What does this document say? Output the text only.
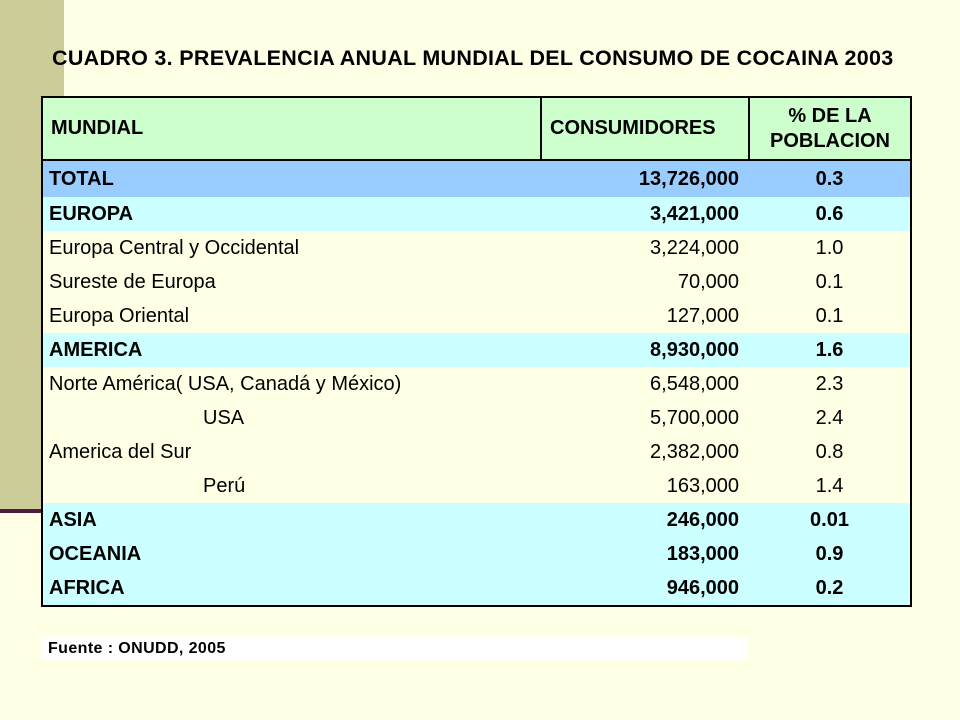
CUADRO 3. PREVALENCIA ANUAL MUNDIAL DEL CONSUMO DE COCAINA 2003
MUNDIAL	CONSUMIDORES	% DE LA
POBLACION
TOTAL	13,726,000	0.3
EUROPA	3,421,000	0.6
Europa Central y Occidental	3,224,000	1.0
Sureste de Europa	70,000	0.1
Europa Oriental	127,000	0.1
AMERICA	8,930,000	1.6
Norte América( USA, Canadá y México)	6,548,000	2.3
USA	5,700,000	2.4
America del Sur	2,382,000	0.8
Perú	163,000	1.4
ASIA	246,000	0.01
OCEANIA	183,000	0.9
AFRICA	946,000	0.2
Fuente : ONUDD, 2005
